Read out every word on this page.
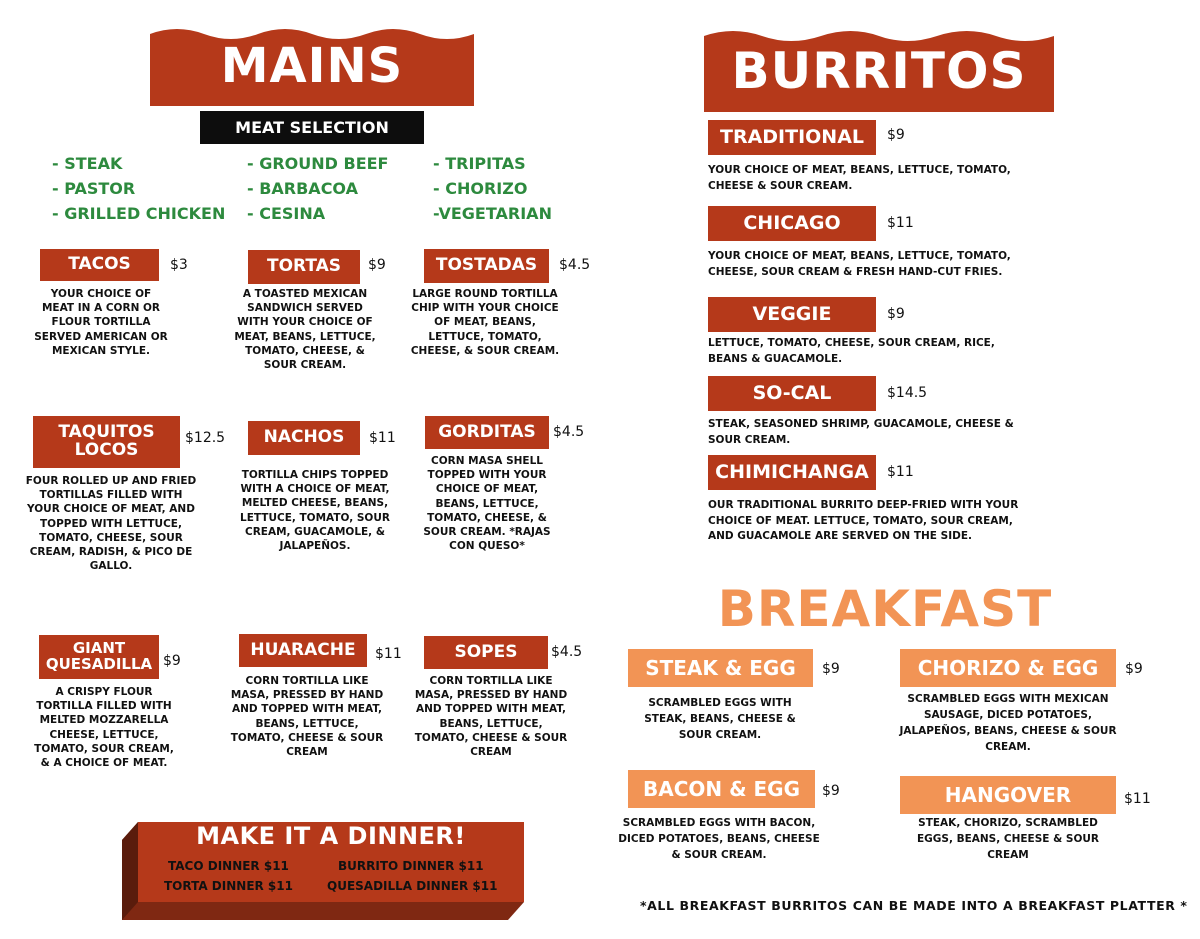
MAINS
MEAT SELECTION
- STEAK
- PASTOR
- GRILLED CHICKEN
- GROUND BEEF
- BARBACOA
- CESINA
- TRIPITAS
- CHORIZO
-VEGETARIAN
TACOS	$3
YOUR CHOICE OF MEAT IN A CORN OR FLOUR TORTILLA SERVED AMERICAN OR MEXICAN STYLE.
TORTAS	$9
A TOASTED MEXICAN SANDWICH SERVED WITH YOUR CHOICE OF MEAT, BEANS, LETTUCE, TOMATO, CHEESE, & SOUR CREAM.
TOSTADAS	$4.5
LARGE ROUND TORTILLA CHIP WITH YOUR CHOICE OF MEAT, BEANS, LETTUCE, TOMATO, CHEESE, & SOUR CREAM.
TAQUITOS LOCOS
$12.5
FOUR ROLLED UP AND FRIED TORTILLAS FILLED WITH YOUR CHOICE OF MEAT, AND TOPPED WITH LETTUCE, TOMATO, CHEESE, SOUR CREAM, RADISH, & PICO DE GALLO.
NACHOS	$11
TORTILLA CHIPS TOPPED WITH A CHOICE OF MEAT, MELTED CHEESE, BEANS, LETTUCE, TOMATO, SOUR CREAM, GUACAMOLE, & JALAPEÑOS.
GORDITAS	$4.5
CORN MASA SHELL TOPPED WITH YOUR CHOICE OF MEAT, BEANS, LETTUCE, TOMATO, CHEESE, & SOUR CREAM. *RAJAS CON QUESO*
GIANT QUESADILLA $9
A CRISPY FLOUR TORTILLA FILLED WITH MELTED MOZZARELLA CHEESE, LETTUCE, TOMATO, SOUR CREAM, & A CHOICE OF MEAT.
HUARACHE	$11
CORN TORTILLA LIKE MASA, PRESSED BY HAND AND TOPPED WITH MEAT, BEANS, LETTUCE, TOMATO, CHEESE & SOUR CREAM
SOPES	$4.5
CORN TORTILLA LIKE MASA, PRESSED BY HAND AND TOPPED WITH MEAT, BEANS, LETTUCE, TOMATO, CHEESE & SOUR CREAM
MAKE IT A DINNER!
TACO DINNER $11	BURRITO DINNER $11
TORTA DINNER $11	QUESADILLA DINNER $11
BURRITOS
TRADITIONAL	$9
YOUR CHOICE OF MEAT, BEANS, LETTUCE, TOMATO,
CHEESE & SOUR CREAM.
CHICAGO	$11
YOUR CHOICE OF MEAT, BEANS, LETTUCE, TOMATO,
CHEESE, SOUR CREAM & FRESH HAND-CUT FRIES.
VEGGIE	$9
LETTUCE, TOMATO, CHEESE, SOUR CREAM, RICE,
BEANS & GUACAMOLE.
SO-CAL	$14.5
STEAK, SEASONED SHRIMP, GUACAMOLE, CHEESE &
SOUR CREAM.
CHIMICHANGA	$11
OUR TRADITIONAL BURRITO DEEP-FRIED WITH YOUR
CHOICE OF MEAT. LETTUCE, TOMATO, SOUR CREAM,
AND GUACAMOLE ARE SERVED ON THE SIDE.
BREAKFAST
STEAK & EGG	$9
SCRAMBLED EGGS WITH STEAK, BEANS, CHEESE & SOUR CREAM.
CHORIZO & EGG	$9
SCRAMBLED EGGS WITH MEXICAN SAUSAGE, DICED POTATOES, JALAPEÑOS, BEANS, CHEESE & SOUR CREAM.
BACON & EGG	$9
SCRAMBLED EGGS WITH BACON, DICED POTATOES, BEANS, CHEESE & SOUR CREAM.
HANGOVER	$11
STEAK, CHORIZO, SCRAMBLED EGGS, BEANS, CHEESE & SOUR CREAM
*ALL BREAKFAST BURRITOS CAN BE MADE INTO A BREAKFAST PLATTER *
